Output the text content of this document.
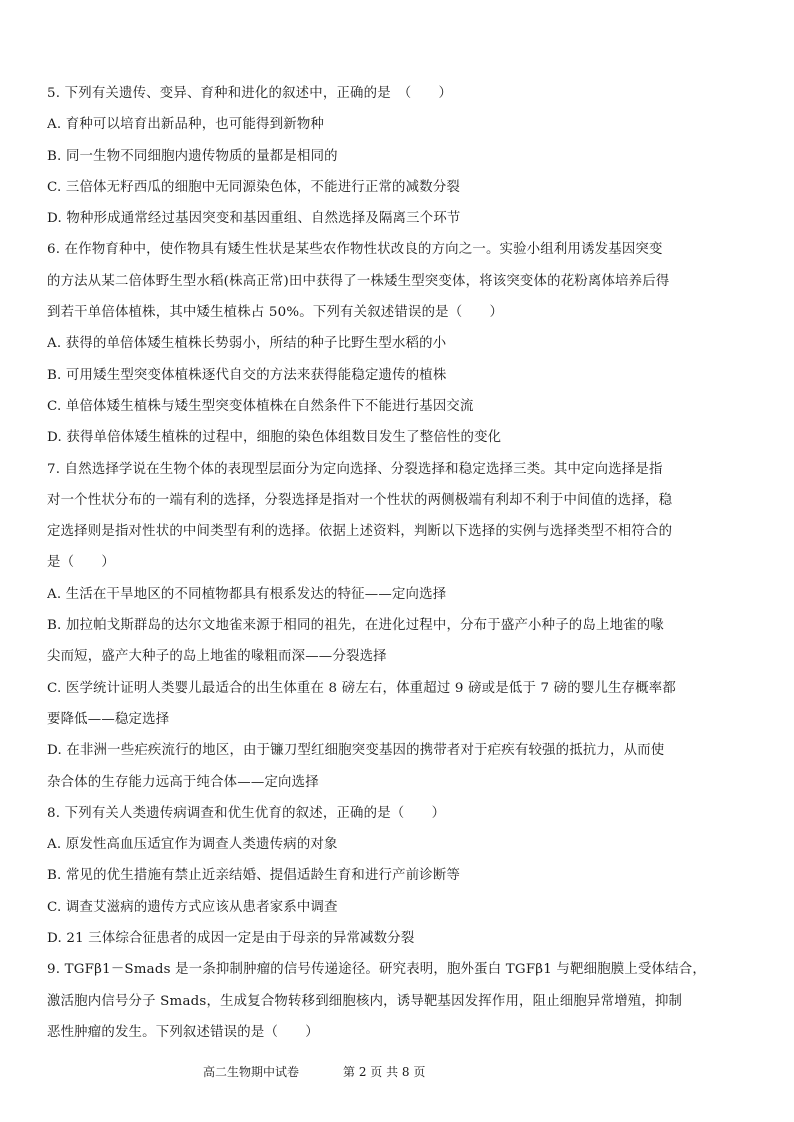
5. 下列有关遗传、变异、育种和进化的叙述中，正确的是　（　　）
A. 育种可以培育出新品种，也可能得到新物种
B. 同一生物不同细胞内遗传物质的量都是相同的
C. 三倍体无籽西瓜的细胞中无同源染色体，不能进行正常的减数分裂
D. 物种形成通常经过基因突变和基因重组、自然选择及隔离三个环节
6. 在作物育种中，使作物具有矮生性状是某些农作物性状改良的方向之一。实验小组利用诱发基因突变
的方法从某二倍体野生型水稻(株高正常)田中获得了一株矮生型突变体，将该突变体的花粉离体培养后得
到若干单倍体植株，其中矮生植株占 50%。下列有关叙述错误的是（　　）
A. 获得的单倍体矮生植株长势弱小，所结的种子比野生型水稻的小
B. 可用矮生型突变体植株逐代自交的方法来获得能稳定遗传的植株
C. 单倍体矮生植株与矮生型突变体植株在自然条件下不能进行基因交流
D. 获得单倍体矮生植株的过程中，细胞的染色体组数目发生了整倍性的变化
7. 自然选择学说在生物个体的表现型层面分为定向选择、分裂选择和稳定选择三类。其中定向选择是指
对一个性状分布的一端有利的选择，分裂选择是指对一个性状的两侧极端有利却不利于中间值的选择，稳
定选择则是指对性状的中间类型有利的选择。依据上述资料，判断以下选择的实例与选择类型不相符合的
是（　　）
A. 生活在干旱地区的不同植物都具有根系发达的特征——定向选择
B. 加拉帕戈斯群岛的达尔文地雀来源于相同的祖先，在进化过程中，分布于盛产小种子的岛上地雀的喙
尖而短，盛产大种子的岛上地雀的喙粗而深——分裂选择
C. 医学统计证明人类婴儿最适合的出生体重在 8 磅左右，体重超过 9 磅或是低于 7 磅的婴儿生存概率都
要降低——稳定选择
D. 在非洲一些疟疾流行的地区，由于镰刀型红细胞突变基因的携带者对于疟疾有较强的抵抗力，从而使
杂合体的生存能力远高于纯合体——定向选择
8. 下列有关人类遗传病调查和优生优育的叙述，正确的是（　　）
A. 原发性高血压适宜作为调查人类遗传病的对象
B. 常见的优生措施有禁止近亲结婚、提倡适龄生育和进行产前诊断等
C. 调查艾滋病的遗传方式应该从患者家系中调查
D. 21 三体综合征患者的成因一定是由于母亲的异常减数分裂
9. TGFβ1－Smads 是一条抑制肿瘤的信号传递途径。研究表明，胞外蛋白 TGFβ1 与靶细胞膜上受体结合，
激活胞内信号分子 Smads，生成复合物转移到细胞核内，诱导靶基因发挥作用，阻止细胞异常增殖，抑制
恶性肿瘤的发生。下列叙述错误的是（　　）
高二生物期中试卷	第 2 页 共 8 页
